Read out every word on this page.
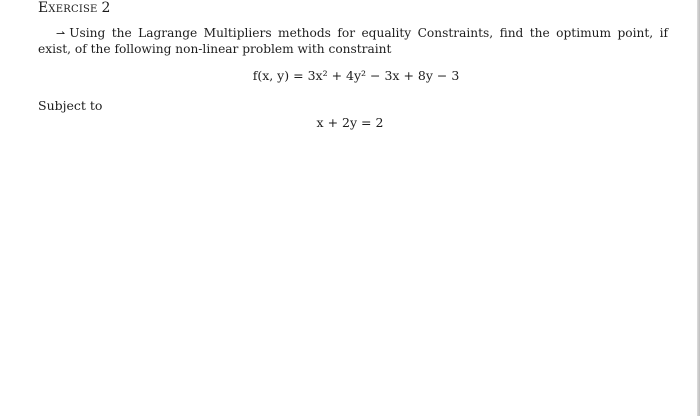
Exercise 2
⇀ Using the Lagrange Multipliers methods for equality Constraints, find the optimum point, if exist, of the following non-linear problem with constraint
f(x, y) = 3x² + 4y² − 3x + 8y − 3
Subject to
x + 2y = 2
